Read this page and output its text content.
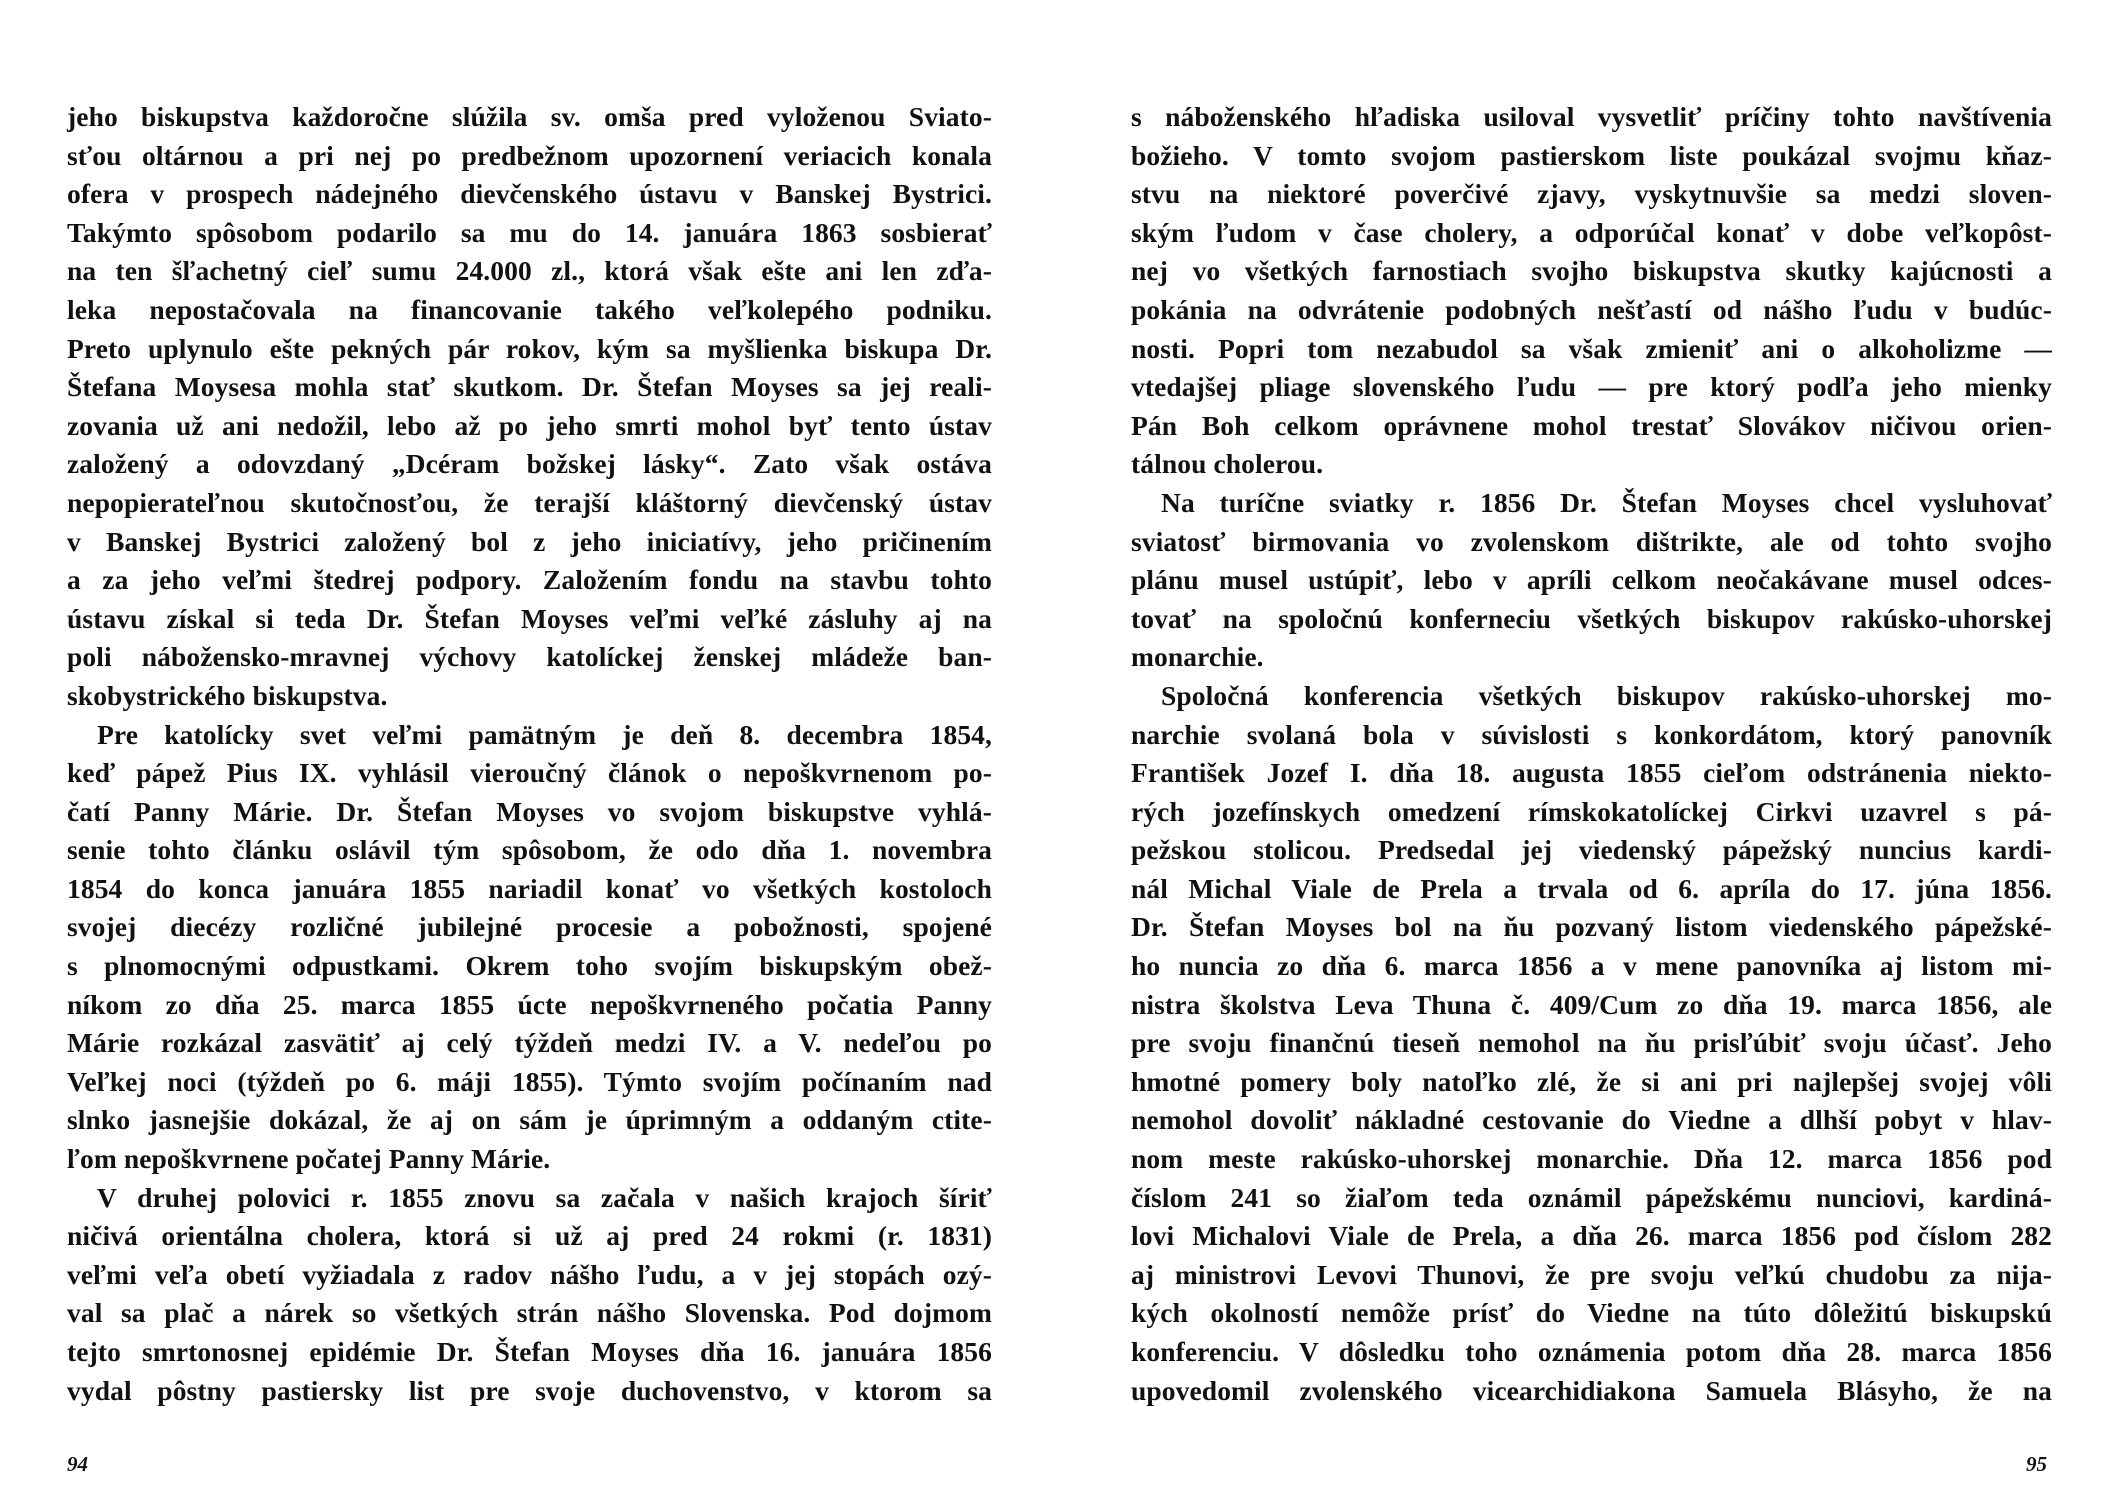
jeho biskupstva každoročne slúžila sv. omša pred vyloženou Sviato-
sťou oltárnou a pri nej po predbežnom upozornení veriacich konala
ofera v prospech nádejného dievčenského ústavu v Banskej Bystrici.
Takýmto spôsobom podarilo sa mu do 14. januára 1863 sosbierať
na ten šľachetný cieľ sumu 24.000 zl., ktorá však ešte ani len zďa-
leka nepostačovala na financovanie takého veľkolepého podniku.
Preto uplynulo ešte pekných pár rokov, kým sa myšlienka biskupa Dr.
Štefana Moysesa mohla stať skutkom. Dr. Štefan Moyses sa jej reali-
zovania už ani nedožil, lebo až po jeho smrti mohol byť tento ústav
založený a odovzdaný „Dcéram božskej lásky“. Zato však ostáva
nepopierateľnou skutočnosťou, že terajší kláštorný dievčenský ústav
v Banskej Bystrici založený bol z jeho iniciatívy, jeho pričinením
a za jeho veľmi štedrej podpory. Založením fondu na stavbu tohto
ústavu získal si teda Dr. Štefan Moyses veľmi veľké zásluhy aj na
poli nábožensko-mravnej výchovy katolíckej ženskej mládeže ban-
skobystrického biskupstva.
Pre katolícky svet veľmi pamätným je deň 8. decembra 1854,
keď pápež Pius IX. vyhlásil vieroučný článok o nepoškvrnenom po-
čatí Panny Márie. Dr. Štefan Moyses vo svojom biskupstve vyhlá-
senie tohto článku oslávil tým spôsobom, že odo dňa 1. novembra
1854 do konca januára 1855 nariadil konať vo všetkých kostoloch
svojej diecézy rozličné jubilejné procesie a pobožnosti, spojené
s plnomocnými odpustkami. Okrem toho svojím biskupským obež-
níkom zo dňa 25. marca 1855 úcte nepoškvrneného počatia Panny
Márie rozkázal zasvätiť aj celý týždeň medzi IV. a V. nedeľou po
Veľkej noci (týždeň po 6. máji 1855). Týmto svojím počínaním nad
slnko jasnejšie dokázal, že aj on sám je úprimným a oddaným ctite-
ľom nepoškvrnene počatej Panny Márie.
V druhej polovici r. 1855 znovu sa začala v našich krajoch šíriť
ničivá orientálna cholera, ktorá si už aj pred 24 rokmi (r. 1831)
veľmi veľa obetí vyžiadala z radov nášho ľudu, a v jej stopách ozý-
val sa plač a nárek so všetkých strán nášho Slovenska. Pod dojmom
tejto smrtonosnej epidémie Dr. Štefan Moyses dňa 16. januára 1856
vydal pôstny pastiersky list pre svoje duchovenstvo, v ktorom sa
s náboženského hľadiska usiloval vysvetliť príčiny tohto navštívenia
božieho. V tomto svojom pastierskom liste poukázal svojmu kňaz-
stvu na niektoré poverčivé zjavy, vyskytnuvšie sa medzi sloven-
ským ľudom v čase cholery, a odporúčal konať v dobe veľkopôst-
nej vo všetkých farnostiach svojho biskupstva skutky kajúcnosti a
pokánia na odvrátenie podobných nešťastí od nášho ľudu v budúc-
nosti. Popri tom nezabudol sa však zmieniť ani o alkoholizme —
vtedajšej pliage slovenského ľudu — pre ktorý podľa jeho mienky
Pán Boh celkom oprávnene mohol trestať Slovákov ničivou orien-
tálnou cholerou.
Na turíčne sviatky r. 1856 Dr. Štefan Moyses chcel vysluhovať
sviatosť birmovania vo zvolenskom dištrikte, ale od tohto svojho
plánu musel ustúpiť, lebo v apríli celkom neočakávane musel odces-
tovať na spoločnú konferneciu všetkých biskupov rakúsko-uhorskej
monarchie.
Spoločná konferencia všetkých biskupov rakúsko-uhorskej mo-
narchie svolaná bola v súvislosti s konkordátom, ktorý panovník
František Jozef I. dňa 18. augusta 1855 cieľom odstránenia niekto-
rých jozefínskych omedzení rímskokatolíckej Cirkvi uzavrel s pá-
pežskou stolicou. Predsedal jej viedenský pápežský nuncius kardi-
nál Michal Viale de Prela a trvala od 6. apríla do 17. júna 1856.
Dr. Štefan Moyses bol na ňu pozvaný listom viedenského pápežské-
ho nuncia zo dňa 6. marca 1856 a v mene panovníka aj listom mi-
nistra školstva Leva Thuna č. 409/Cum zo dňa 19. marca 1856, ale
pre svoju finančnú tieseň nemohol na ňu prisľúbiť svoju účasť. Jeho
hmotné pomery boly natoľko zlé, že si ani pri najlepšej svojej vôli
nemohol dovoliť nákladné cestovanie do Viedne a dlhší pobyt v hlav-
nom meste rakúsko-uhorskej monarchie. Dňa 12. marca 1856 pod
číslom 241 so žiaľom teda oznámil pápežskému nunciovi, kardiná-
lovi Michalovi Viale de Prela, a dňa 26. marca 1856 pod číslom 282
aj ministrovi Levovi Thunovi, že pre svoju veľkú chudobu za nija-
kých okolností nemôže prísť do Viedne na túto dôležitú biskupskú
konferenciu. V dôsledku toho oznámenia potom dňa 28. marca 1856
upovedomil zvolenského vicearchidiakona Samuela Blásyho, že na
94	95
